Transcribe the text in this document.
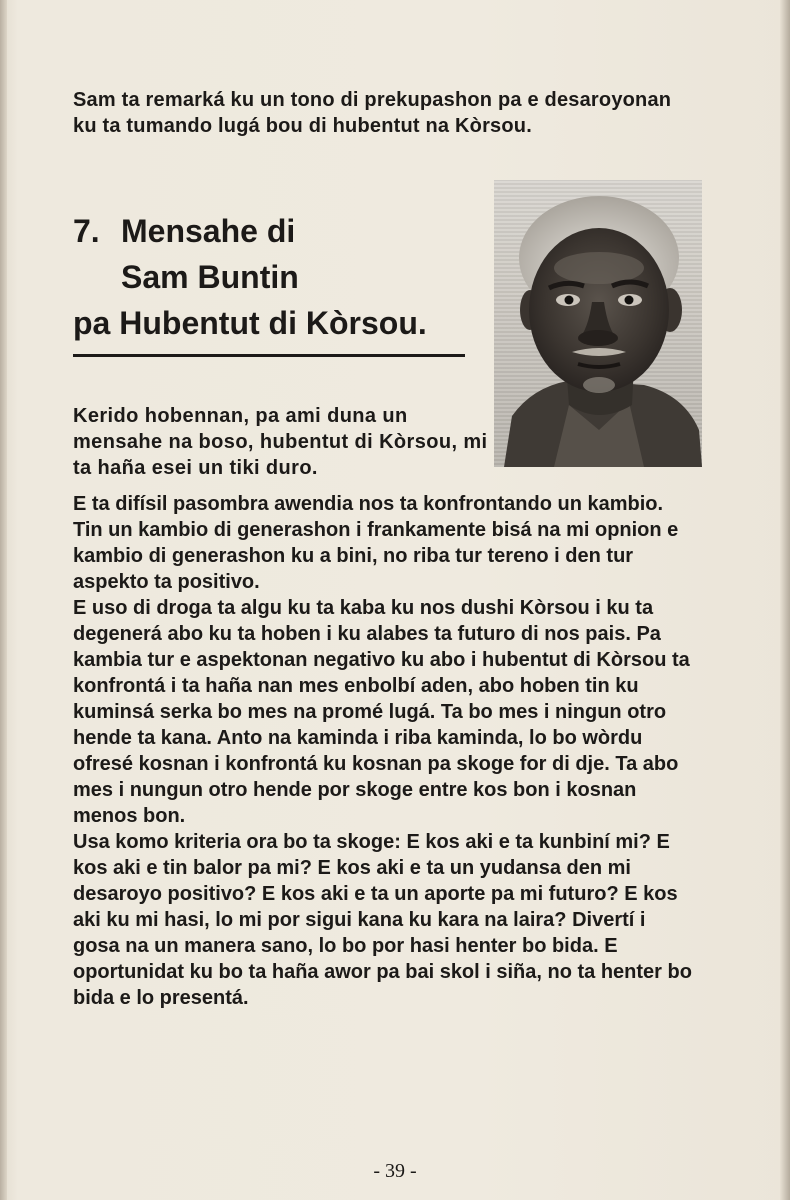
Sam ta remarká ku un tono di prekupashon pa e desaroyonan ku ta tumando lugá bou di hubentut na Kòrsou.

7. Mensahe di
Sam Buntin
pa Hubentut di Kòrsou.

Kerido hobennan, pa ami duna un mensahe na boso, hubentut di Kòrsou, mi ta haña esei un tiki duro.

E ta difísil pasombra awendia nos ta konfrontando un kambio. Tin un kambio di generashon i frankamente bisá na mi opnion e kambio di generashon ku a bini, no riba tur tereno i den tur aspekto ta positivo.

E uso di droga ta algu ku ta kaba ku nos dushi Kòrsou i ku ta degenerá abo ku ta hoben i ku alabes ta futuro di nos pais. Pa kambia tur e aspektonan negativo ku abo i hubentut di Kòrsou ta konfrontá i ta haña nan mes enbolbí aden, abo hoben tin ku kuminsá serka bo mes na promé lugá. Ta bo mes i ningun otro hende ta kana. Anto na kaminda i riba kaminda, lo bo wòrdu ofresé kosnan i konfrontá ku kosnan pa skoge for di dje. Ta abo mes i nungun otro hende por skoge entre kos bon i kosnan menos bon.

Usa komo kriteria ora bo ta skoge: E kos aki e ta kunbiní mi? E kos aki e tin balor pa mi? E kos aki e ta un yudansa den mi desaroyo positivo? E kos aki e ta un aporte pa mi futuro? E kos aki ku mi hasi, lo mi por sigui kana ku kara na laira? Divertí i gosa na un manera sano, lo bo por hasi henter bo bida. E oportunidat ku bo ta haña awor pa bai skol i siña, no ta henter bo bida e lo presentá.

- 39 -
